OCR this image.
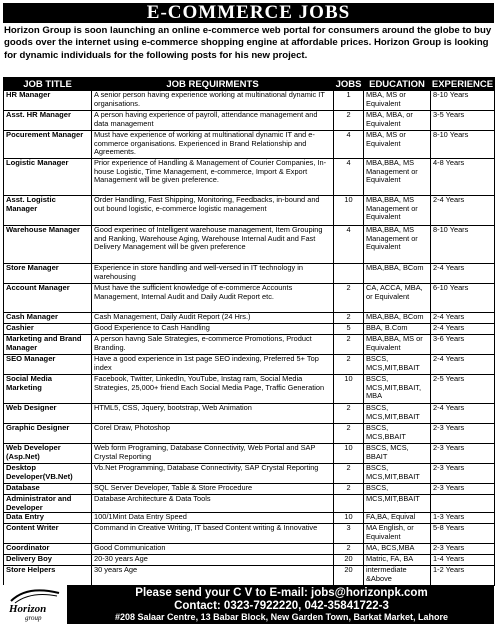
E-COMMERCE JOBS
Horizon Group is soon launching an online e-commerce web portal for consumers around the globe to buy goods over the internet using e-commerce shopping engine at affordable prices. Horizon Group is looking for dynamic individuals for the following posts for his new project.
JOB TITLE	JOB REQUIRMENTS	JOBS	EDUCATION	EXPERIENCE
HR Manager	A senior person having experience working at multinational dynamic IT organisations.	1	MBA, MS or Equivalent	8-10 Years
Asst. HR Manager	A person having experience of payroll, attendance management and data management	2	MBA, MBA, or Equivalent	3-5 Years
Pocurement Manager	Must have experience of working at multinational dynamic IT and e-commerce organisations. Experienced in Brand Relationship and Agreements.	4	MBA, MS or Equivalent	8-10 Years
Logistic Manager	Prior experience of Handling & Management of Courier Companies, In-house Logistic, Time Management, e-commerce, Import & Export Management will be given preference.	4	MBA,BBA, MS Management or Equivalent	4-8 Years
Asst. Logistic Manager	Order Handling, Fast Shipping, Monitoring, Feedbacks, in-bound and out bound logistic, e-commerce logistic management	10	MBA,BBA, MS Management or Equivalent	2-4 Years
Warehouse Manager	Good experinec of Intelligent warehouse management, Item Grouping and Ranking, Warehouse Aging, Warehouse Internal Audit and Fast Delivery Management will be given preference	4	MBA,BBA, MS Management or Equivalent	8-10 Years
Store Manager	Experience in store handling and well-versed in IT technology in warehousing		MBA,BBA, BCom	2-4 Years
Account Manager	Must have the sufficient knowledge of e-commerce Accounts Management, Internal Audit and Daily Audit Report etc.	2	CA, ACCA, MBA, or Equivalent	6-10 Years
Cash Manager	Cash Management, Daily Audit Report (24 Hrs.)	2	MBA,BBA, BCom	2-4 Years
Cashier	Good Experience to Cash Handling	5	BBA, B.Com	2-4 Years
Marketing and Brand Manager	A person havng Sale Strategies, e-commerce Promotions, Product Branding.	2	MBA,BBA, MS or Equivalent	3-6 Years
SEO Manager	Have a good experience in 1st page SEO indexing, Preferred 5+ Top index	2	BSCS, MCS,MIT,BBAIT	2-4 Years
Social Media Marketing	Facebook, Twitter, LinkedIn, YouTube, Instag ram, Social Media Strategies, 25,000+ friend Each Social Media Page, Traffic Generation	10	BSCS, MCS,MIT,BBAIT, MBA	2-5 Years
Web Designer	HTML5, CSS, Jquery, bootstrap, Web Animation	2	BSCS, MCS,MIT,BBAIT	2-4 Years
Graphic Designer	Corel Draw, Photoshop	2	BSCS, MCS,BBAIT	2-3 Years
Web Developer (Asp.Net)	Web form Programing, Database Connectivity, Web Portal and SAP Crystal Reporting	10	BSCS, MCS, BBAIT	2-3 Years
Desktop Developer(VB.Net)	Vb.Net Programming, Database Connectivity, SAP Crystal Reporting	2	BSCS, MCS,MIT,BBAIT	2-3 Years
Database	SQL Server Developer, Table & Store Procedure	2	BSCS,	2-3 Years
Administrator and Developer	Database Architecture & Data Tools		MCS,MIT,BBAIT	
Data Entry	100/1Mint Data Entry Speed	10	FA,BA, Equival	1-3 Years
Content Writer	Command in Creative Writing, IT based Content writing & Innovative	3	MA English, or Equivalent	5-8 Years
Coordinator	Good Communication	2	MA, BCS,MBA	2-3 Years
Delivery Boy	20-30 years Age	20	Matric, FA, BA	1-4 Years
Store Helpers	30 years Age	20	intermediate &Above	1-2 Years
Horizon
group
Please send your C V to E-mail: jobs@horizonpk.com
Contact: 0323-7922220, 042-35841722-3
#208 Salaar Centre, 13 Babar Block, New Garden Town, Barkat Market, Lahore
